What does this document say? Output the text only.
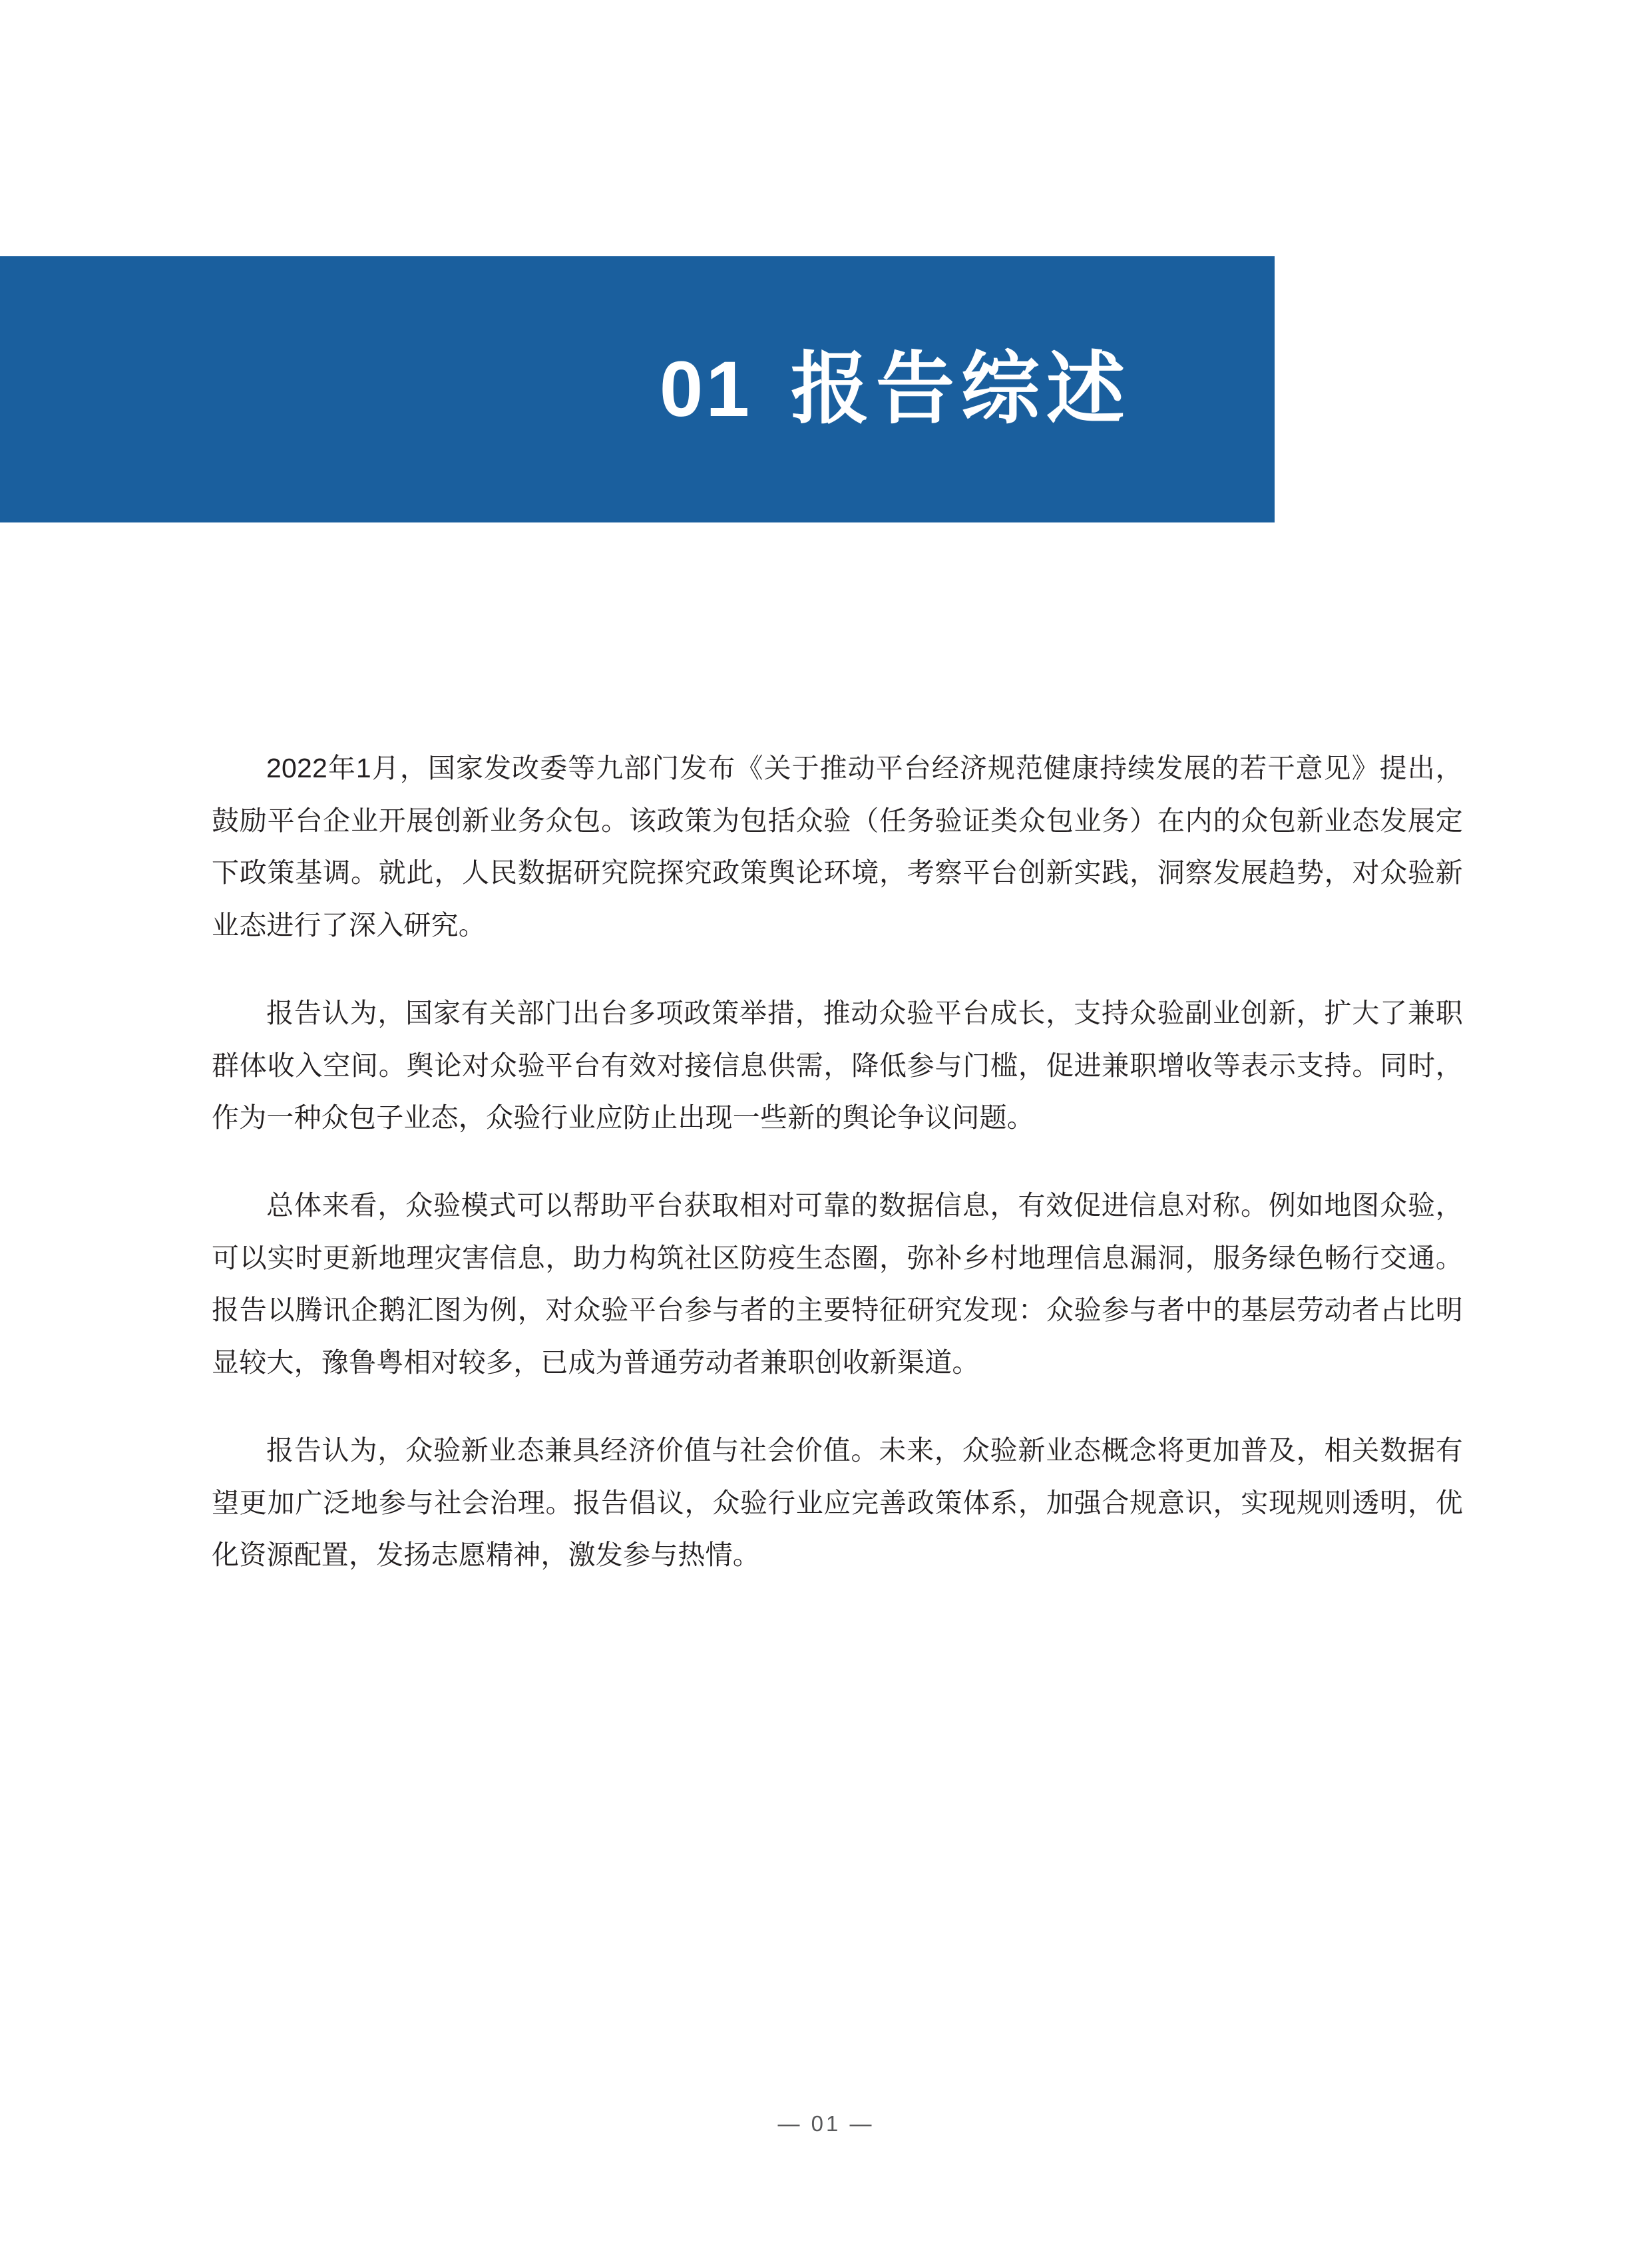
01 报告综述

2022年1月，国家发改委等九部门发布《关于推动平台经济规范健康持续发展的若干意见》提出，鼓励平台企业开展创新业务众包。该政策为包括众验（任务验证类众包业务）在内的众包新业态发展定下政策基调。就此，人民数据研究院探究政策舆论环境，考察平台创新实践，洞察发展趋势，对众验新业态进行了深入研究。

报告认为，国家有关部门出台多项政策举措，推动众验平台成长，支持众验副业创新，扩大了兼职群体收入空间。舆论对众验平台有效对接信息供需，降低参与门槛，促进兼职增收等表示支持。同时，作为一种众包子业态，众验行业应防止出现一些新的舆论争议问题。

总体来看，众验模式可以帮助平台获取相对可靠的数据信息，有效促进信息对称。例如地图众验，可以实时更新地理灾害信息，助力构筑社区防疫生态圈，弥补乡村地理信息漏洞，服务绿色畅行交通。报告以腾讯企鹅汇图为例，对众验平台参与者的主要特征研究发现：众验参与者中的基层劳动者占比明显较大，豫鲁粤相对较多，已成为普通劳动者兼职创收新渠道。

报告认为，众验新业态兼具经济价值与社会价值。未来，众验新业态概念将更加普及，相关数据有望更加广泛地参与社会治理。报告倡议，众验行业应完善政策体系，加强合规意识，实现规则透明，优化资源配置，发扬志愿精神，激发参与热情。

— 01 —
